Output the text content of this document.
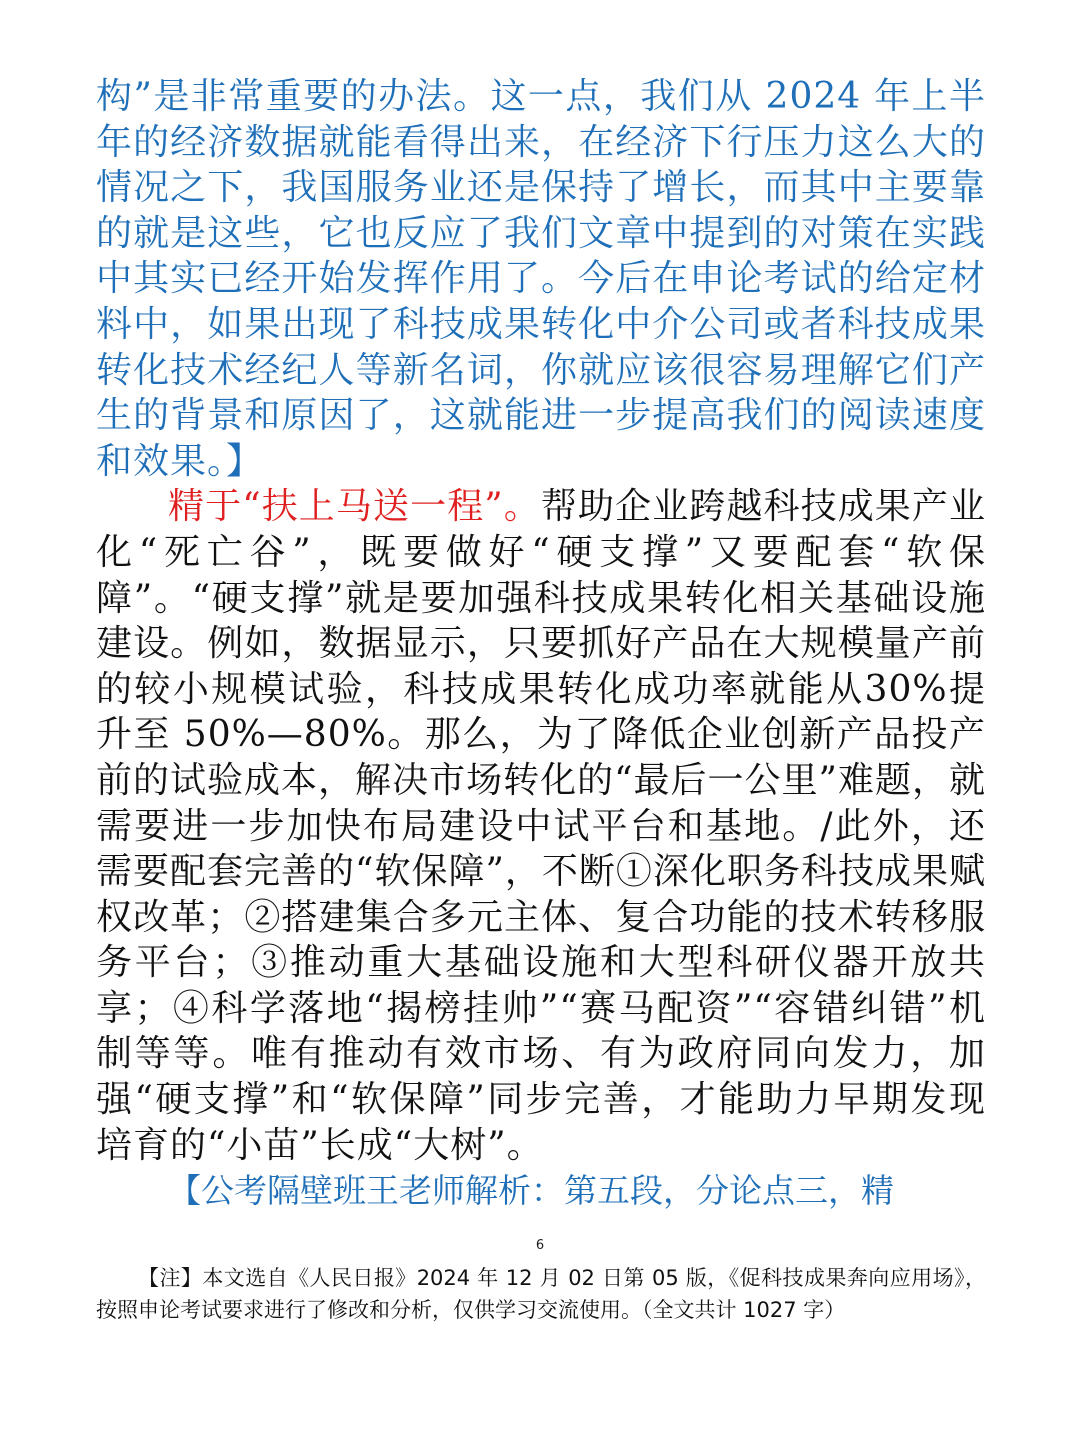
构”是非常重要的办法。这一点，我们从 2024 年上半年的经济数据就能看得出来，在经济下行压力这么大的情况之下，我国服务业还是保持了增长，而其中主要靠的就是这些，它也反应了我们文章中提到的对策在实践中其实已经开始发挥作用了。今后在申论考试的给定材料中，如果出现了科技成果转化中介公司或者科技成果转化技术经纪人等新名词，你就应该很容易理解它们产生的背景和原因了，这就能进一步提高我们的阅读速度和效果。】
精于“扶上马送一程”。帮助企业跨越科技成果产业化“死亡谷”，既要做好“硬支撑”又要配套“软保障”。“硬支撑”就是要加强科技成果转化相关基础设施建设。例如，数据显示，只要抓好产品在大规模量产前的较小规模试验，科技成果转化成功率就能从30%提升至 50%—80%。那么，为了降低企业创新产品投产前的试验成本，解决市场转化的“最后一公里”难题，就需要进一步加快布局建设中试平台和基地。/此外，还需要配套完善的“软保障”，不断①深化职务科技成果赋权改革；②搭建集合多元主体、复合功能的技术转移服务平台；③推动重大基础设施和大型科研仪器开放共享；④科学落地“揭榜挂帅”“赛马配资”“容错纠错”机制等等。唯有推动有效市场、有为政府同向发力，加强“硬支撑”和“软保障”同步完善，才能助力早期发现培育的“小苗”长成“大树”。
【公考隔壁班王老师解析：第五段，分论点三，精
6
【注】本文选自《人民日报》2024 年 12 月 02 日第 05 版，《促科技成果奔向应用场》，按照申论考试要求进行了修改和分析，仅供学习交流使用。（全文共计 1027 字）
